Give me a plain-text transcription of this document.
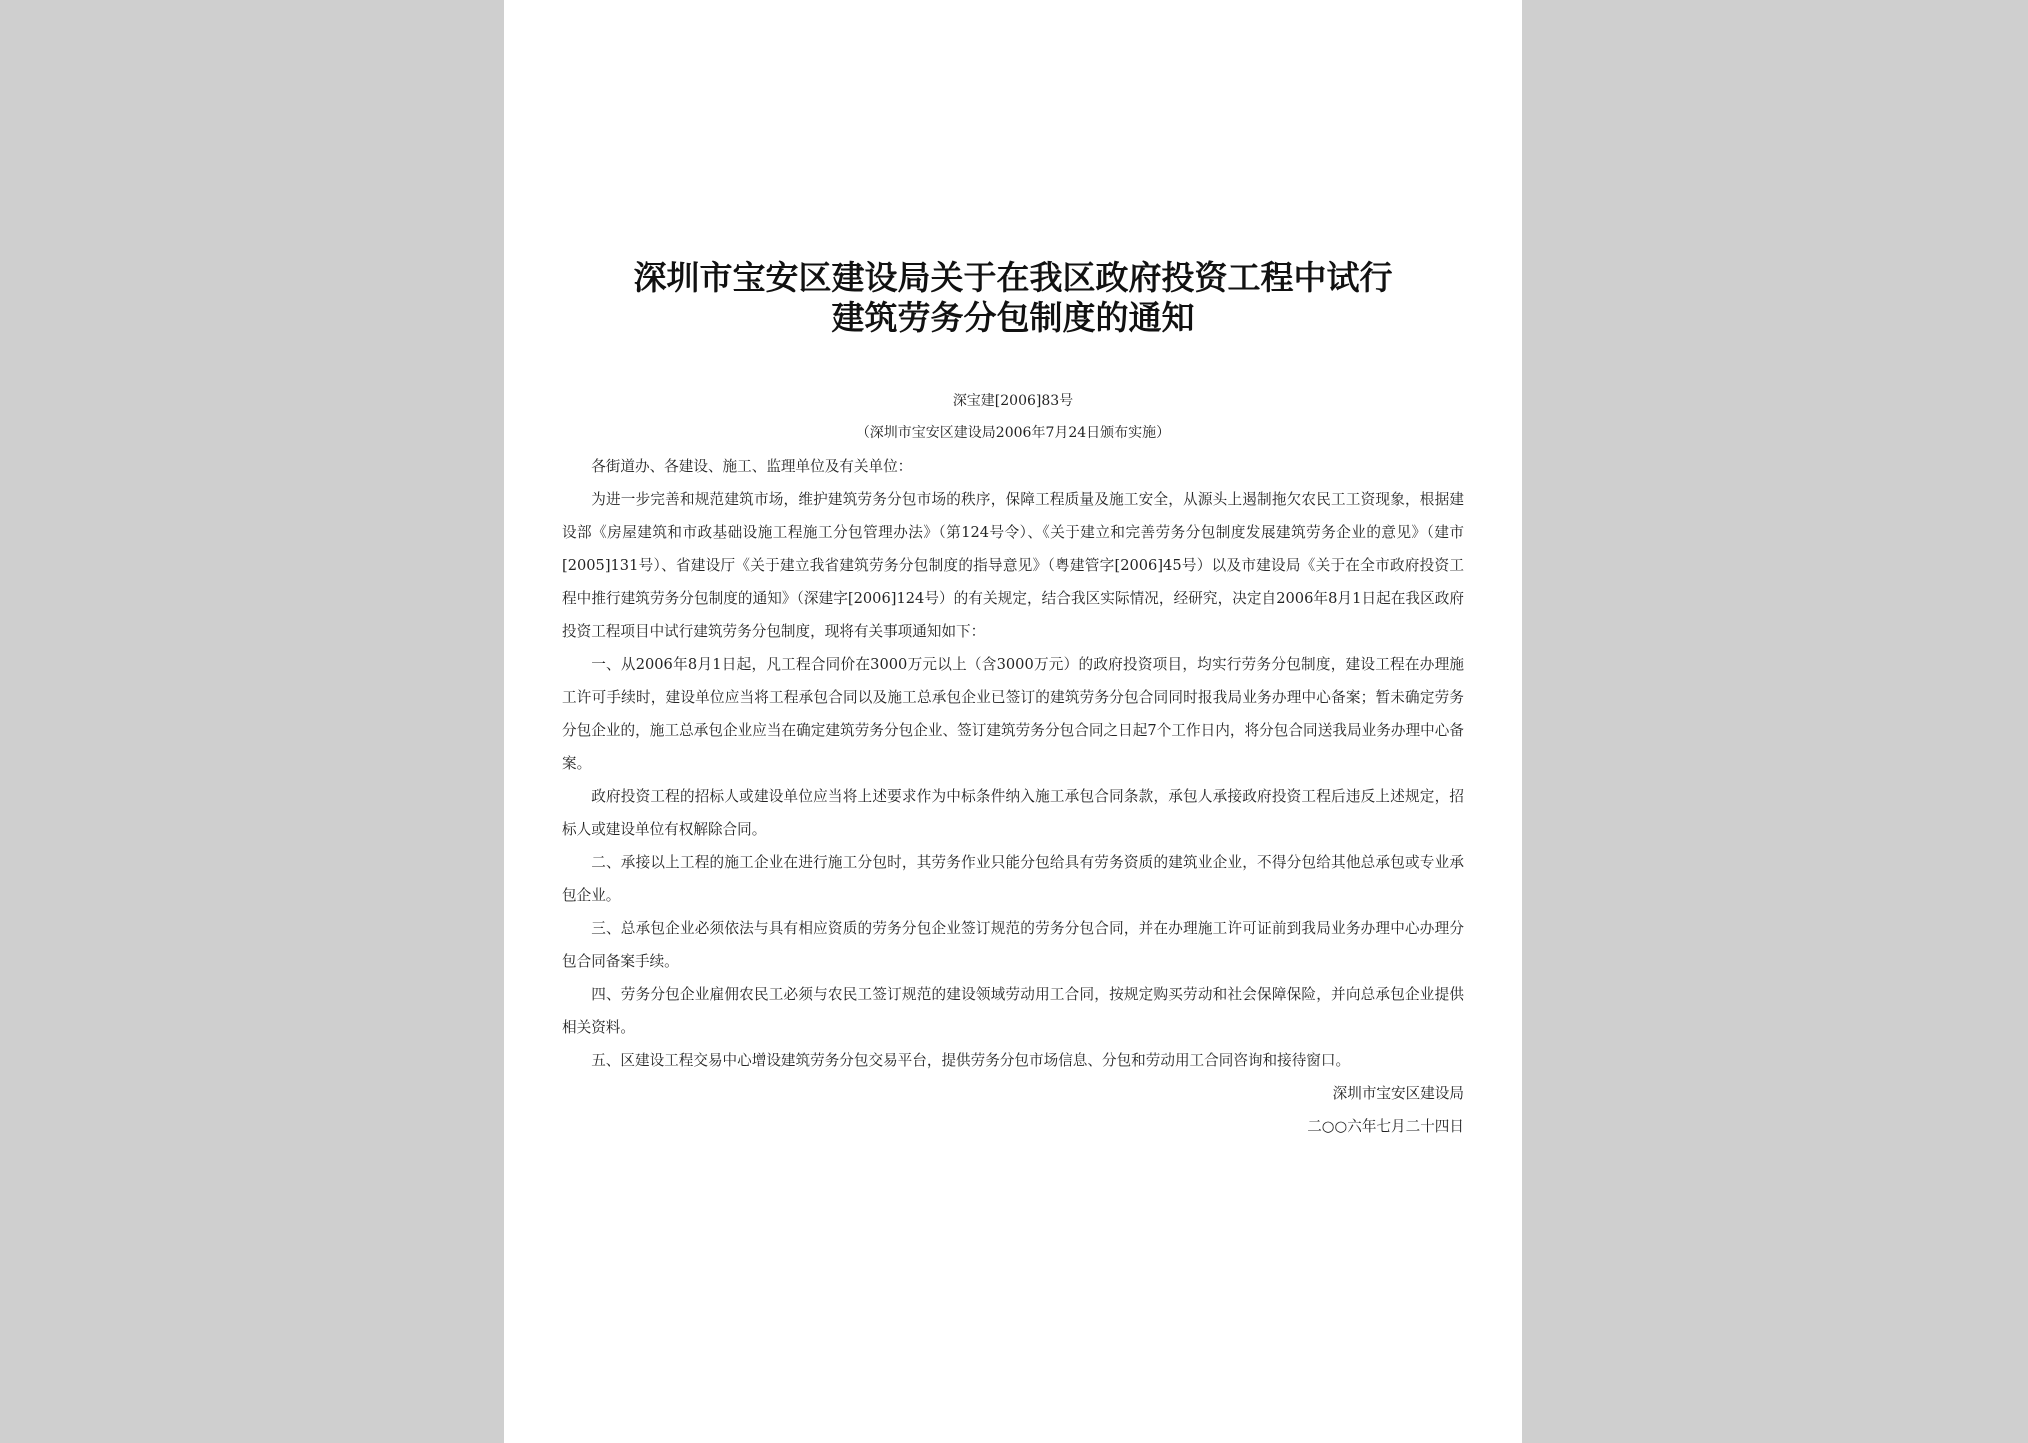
深圳市宝安区建设局关于在我区政府投资工程中试行
建筑劳务分包制度的通知
深宝建[2006]83号
（深圳市宝安区建设局2006年7月24日颁布实施）

各街道办、各建设、施工、监理单位及有关单位：

为进一步完善和规范建筑市场，维护建筑劳务分包市场的秩序，保障工程质量及施工安全，从源头上遏制拖欠农民工工资现象，根据建设部《房屋建筑和市政基础设施工程施工分包管理办法》（第124号令）、《关于建立和完善劳务分包制度发展建筑劳务企业的意见》（建市[2005]131号）、省建设厅《关于建立我省建筑劳务分包制度的指导意见》（粤建管字[2006]45号）以及市建设局《关于在全市政府投资工程中推行建筑劳务分包制度的通知》（深建字[2006]124号）的有关规定，结合我区实际情况，经研究，决定自2006年8月1日起在我区政府投资工程项目中试行建筑劳务分包制度，现将有关事项通知如下：

一、从2006年8月1日起，凡工程合同价在3000万元以上（含3000万元）的政府投资项目，均实行劳务分包制度，建设工程在办理施工许可手续时，建设单位应当将工程承包合同以及施工总承包企业已签订的建筑劳务分包合同同时报我局业务办理中心备案；暂未确定劳务分包企业的，施工总承包企业应当在确定建筑劳务分包企业、签订建筑劳务分包合同之日起7个工作日内，将分包合同送我局业务办理中心备案。

政府投资工程的招标人或建设单位应当将上述要求作为中标条件纳入施工承包合同条款，承包人承接政府投资工程后违反上述规定，招标人或建设单位有权解除合同。

二、承接以上工程的施工企业在进行施工分包时，其劳务作业只能分包给具有劳务资质的建筑业企业，不得分包给其他总承包或专业承包企业。

三、总承包企业必须依法与具有相应资质的劳务分包企业签订规范的劳务分包合同，并在办理施工许可证前到我局业务办理中心办理分包合同备案手续。

四、劳务分包企业雇佣农民工必须与农民工签订规范的建设领域劳动用工合同，按规定购买劳动和社会保障保险，并向总承包企业提供相关资料。

五、区建设工程交易中心增设建筑劳务分包交易平台，提供劳务分包市场信息、分包和劳动用工合同咨询和接待窗口。

深圳市宝安区建设局
二○○六年七月二十四日
